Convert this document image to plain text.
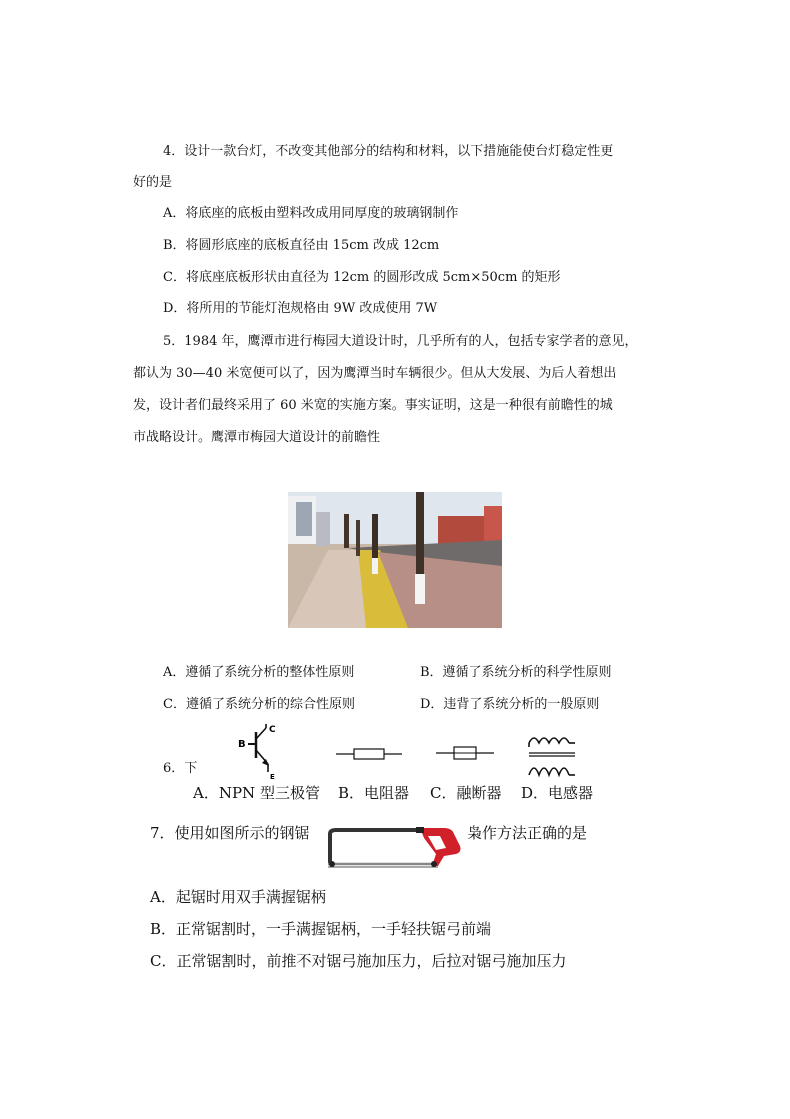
4．设计一款台灯，不改变其他部分的结构和材料，以下措施能使台灯稳定性更
好的是
A．将底座的底板由塑料改成用同厚度的玻璃钢制作
B．将圆形底座的底板直径由 15cm 改成 12cm
C．将底座底板形状由直径为 12cm 的圆形改成 5cm×50cm 的矩形
D．将所用的节能灯泡规格由 9W 改成使用 7W
5．1984 年，鹰潭市进行梅园大道设计时，几乎所有的人，包括专家学者的意见，
都认为 30—40 米宽便可以了，因为鹰潭当时车辆很少。但从大发展、为后人着想出
发，设计者们最终采用了 60 米宽的实施方案。事实证明，这是一种很有前瞻性的城
市战略设计。鹰潭市梅园大道设计的前瞻性
A．遵循了系统分析的整体性原则	B．遵循了系统分析的科学性原则
C．遵循了系统分析的综合性原则	D．违背了系统分析的一般原则
6．下
B
C
E
A．NPN 型三极管 B．电阻器 C．融断器 D．电感器
7．使用如图所示的钢锯	枭作方法正确的是
A．起锯时用双手满握锯柄
B．正常锯割时，一手满握锯柄，一手轻扶锯弓前端
C．正常锯割时，前推不对锯弓施加压力，后拉对锯弓施加压力
